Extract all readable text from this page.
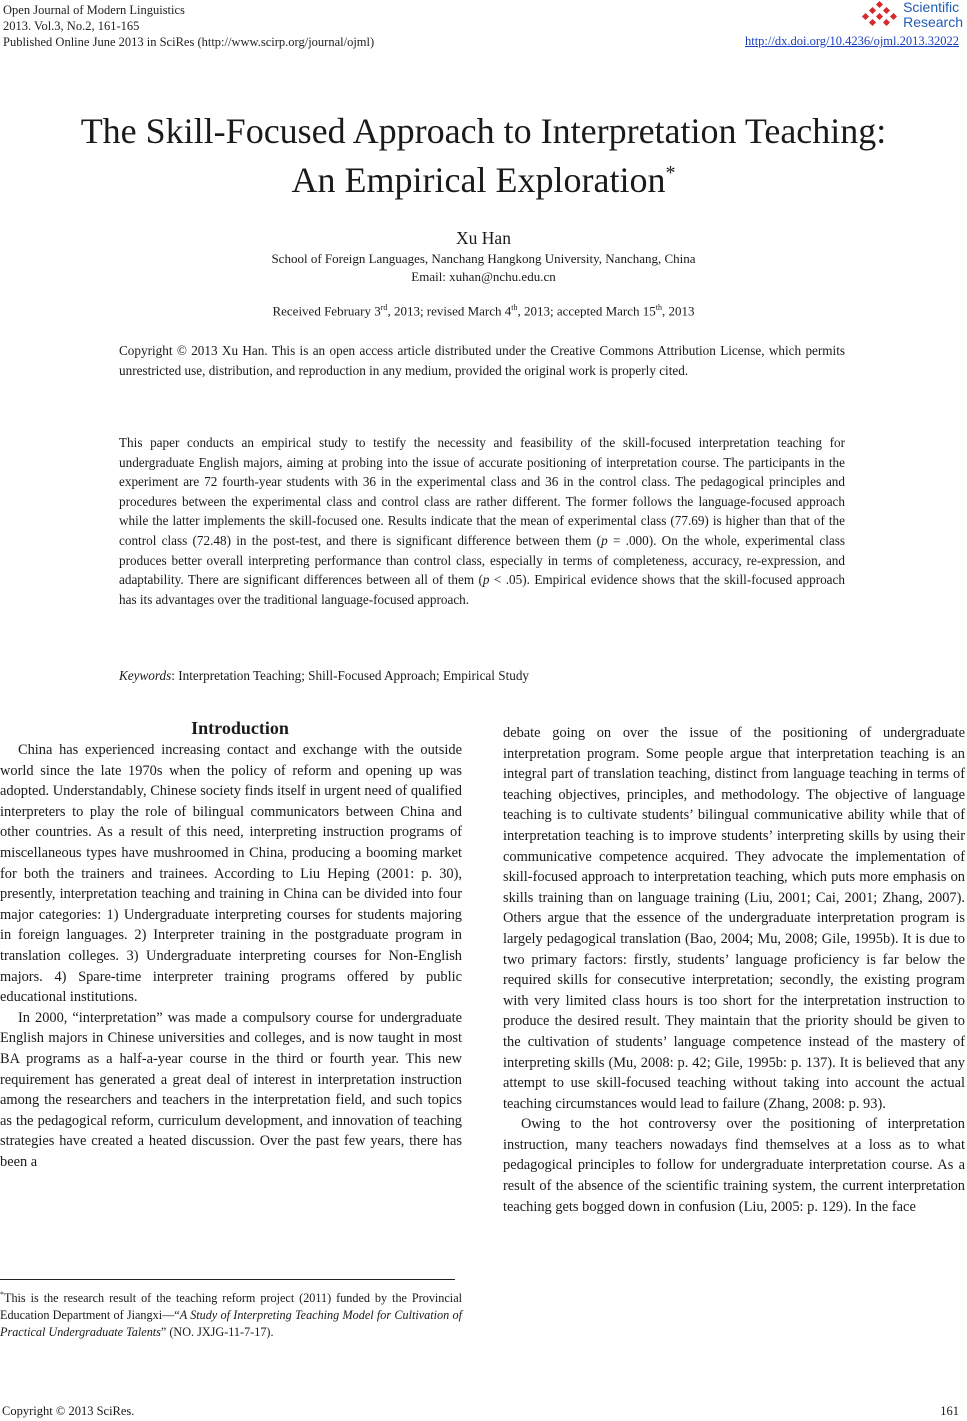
Open Journal of Modern Linguistics
2013. Vol.3, No.2, 161-165
Published Online June 2013 in SciRes (http://www.scirp.org/journal/ojml)
Scientific
Research
http://dx.doi.org/10.4236/ojml.2013.32022
The Skill-Focused Approach to Interpretation Teaching:
An Empirical Exploration*
Xu Han
School of Foreign Languages, Nanchang Hangkong University, Nanchang, China
Email: xuhan@nchu.edu.cn
Received February 3rd, 2013; revised March 4th, 2013; accepted March 15th, 2013
Copyright © 2013 Xu Han. This is an open access article distributed under the Creative Commons Attribution License, which permits unrestricted use, distribution, and reproduction in any medium, provided the original work is properly cited.
This paper conducts an empirical study to testify the necessity and feasibility of the skill-focused interpretation teaching for undergraduate English majors, aiming at probing into the issue of accurate positioning of interpretation course. The participants in the experiment are 72 fourth-year students with 36 in the experimental class and 36 in the control class. The pedagogical principles and procedures between the experimental class and control class are rather different. The former follows the language-focused approach while the latter implements the skill-focused one. Results indicate that the mean of experimental class (77.69) is higher than that of the control class (72.48) in the post-test, and there is significant difference between them (p = .000). On the whole, experimental class produces better overall interpreting performance than control class, especially in terms of completeness, accuracy, re-expression, and adaptability. There are significant differences between all of them (p < .05). Empirical evidence shows that the skill-focused approach has its advantages over the traditional language-focused approach.
Keywords: Interpretation Teaching; Shill-Focused Approach; Empirical Study

Introduction

China has experienced increasing contact and exchange with the outside world since the late 1970s when the policy of reform and opening up was adopted. Understandably, Chinese society finds itself in urgent need of qualified interpreters to play the role of bilingual communicators between China and other countries. As a result of this need, interpreting instruction programs of miscellaneous types have mushroomed in China, producing a booming market for both the trainers and trainees. According to Liu Heping (2001: p. 30), presently, interpretation teaching and training in China can be divided into four major categories: 1) Undergraduate interpreting courses for students majoring in foreign languages. 2) Interpreter training in the postgraduate program in translation colleges. 3) Undergraduate interpreting courses for Non-English majors. 4) Spare-time interpreter training programs offered by public educational institutions.

In 2000, “interpretation” was made a compulsory course for undergraduate English majors in Chinese universities and colleges, and is now taught in most BA programs as a half-a-year course in the third or fourth year. This new requirement has generated a great deal of interest in interpretation instruction among the researchers and teachers in the interpretation field, and such topics as the pedagogical reform, curriculum development, and innovation of teaching strategies have created a heated discussion. Over the past few years, there has been a

debate going on over the issue of the positioning of undergraduate interpretation program. Some people argue that interpretation teaching is an integral part of translation teaching, distinct from language teaching in terms of teaching objectives, principles, and methodology. The objective of language teaching is to cultivate students’ bilingual communicative ability while that of interpretation teaching is to improve students’ interpreting skills by using their communicative competence acquired. They advocate the implementation of skill-focused approach to interpretation teaching, which puts more emphasis on skills training than on language training (Liu, 2001; Cai, 2001; Zhang, 2007). Others argue that the essence of the undergraduate interpretation program is largely pedagogical translation (Bao, 2004; Mu, 2008; Gile, 1995b). It is due to two primary factors: firstly, students’ language proficiency is far below the required skills for consecutive interpretation; secondly, the existing program with very limited class hours is too short for the interpretation instruction to produce the desired result. They maintain that the priority should be given to the cultivation of students’ language competence instead of the mastery of interpreting skills (Mu, 2008: p. 42; Gile, 1995b: p. 137). It is believed that any attempt to use skill-focused teaching without taking into account the actual teaching circumstances would lead to failure (Zhang, 2008: p. 93).

Owing to the hot controversy over the positioning of interpretation instruction, many teachers nowadays find themselves at a loss as to what pedagogical principles to follow for undergraduate interpretation course. As a result of the absence of the scientific training system, the current interpretation teaching gets bogged down in confusion (Liu, 2005: p. 129). In the face

*This is the research result of the teaching reform project (2011) funded by the Provincial Education Department of Jiangxi—“A Study of Interpreting Teaching Model for Cultivation of Practical Undergraduate Talents” (NO. JXJG-11-7-17).
Copyright © 2013 SciRes.	161
